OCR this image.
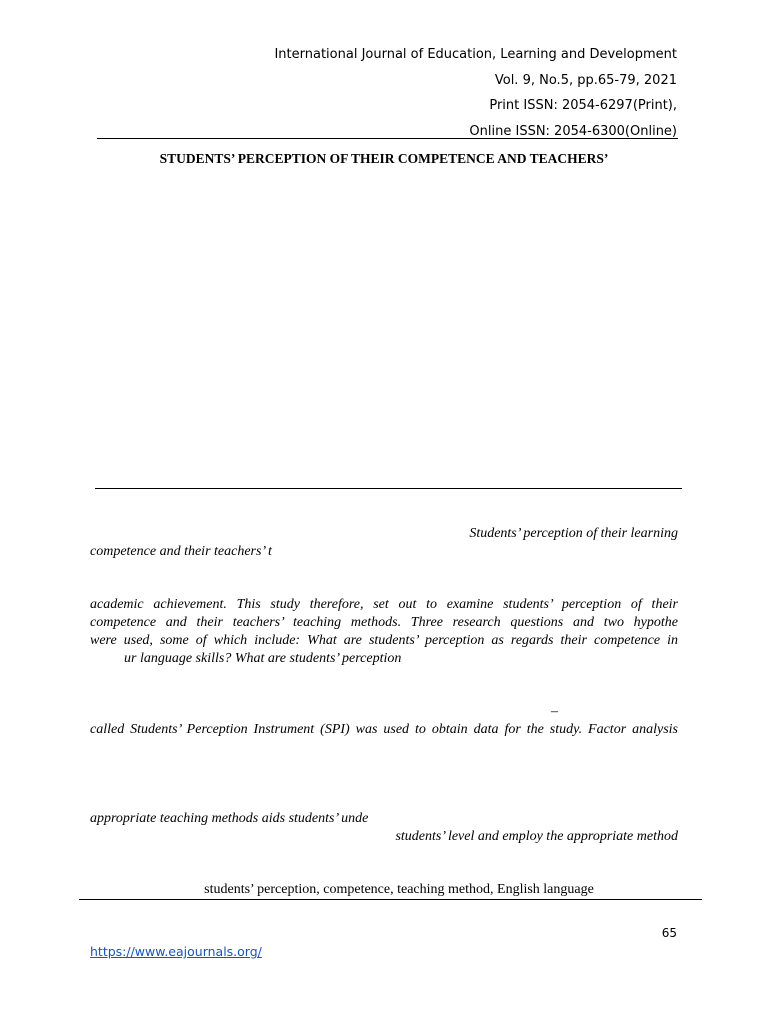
International Journal of Education, Learning and Development
Vol. 9, No.5, pp.65-79, 2021
Print ISSN: 2054-6297(Print),
Online ISSN: 2054-6300(Online)
STUDENTS’ PERCEPTION OF THEIR COMPETENCE AND TEACHERS’
Students’ perception of their learning
competence and their teachers’ t
academic achievement. This study therefore, set out to examine students’ perception of their
competence and their teachers’ teaching methods. Three research questions and two hypothe
were used, some of which include: What are students’ perception as regards their competence in
ur language skills? What are students’ perception
–
called Students’ Perception Instrument (SPI) was used to obtain data for the study. Factor analysis
appropriate teaching methods aids students’ unde
students’ level and employ the appropriate method
students’ perception, competence, teaching method, English language
65
https://www.eajournals.org/
